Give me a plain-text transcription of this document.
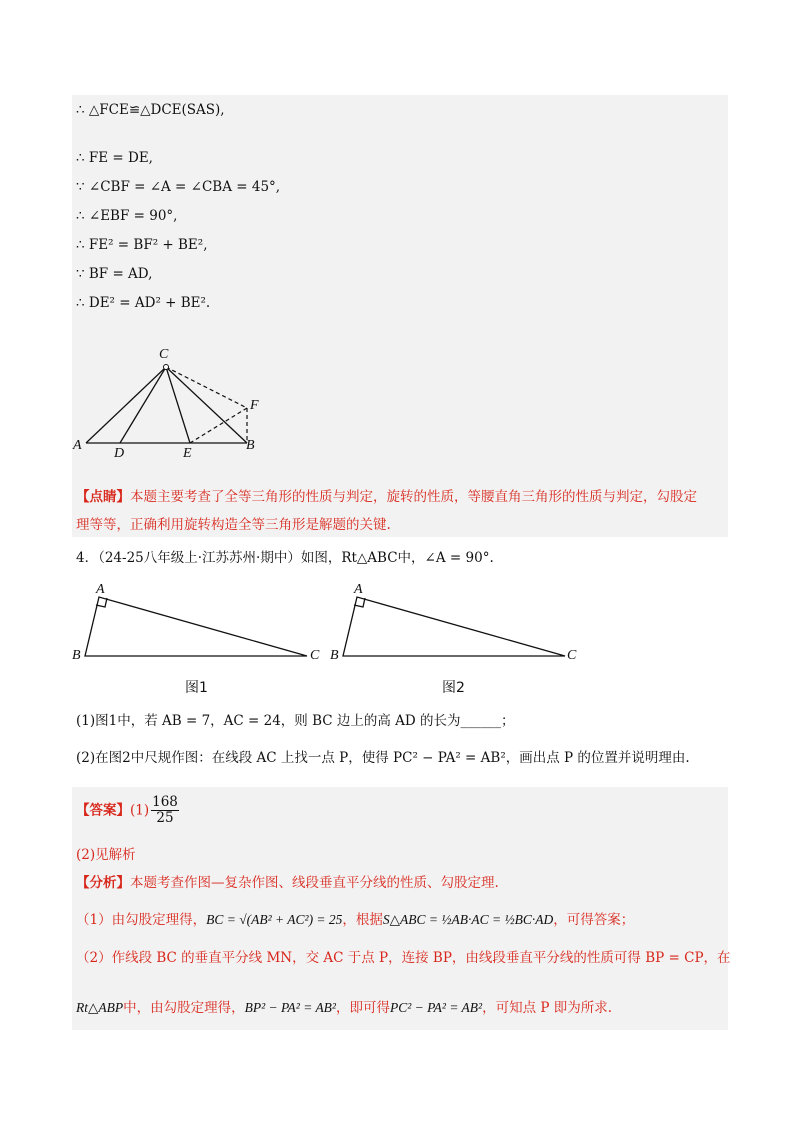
∴ △FCE≌△DCE(SAS),
∴ FE = DE,
∵ ∠CBF = ∠A = ∠CBA = 45°,
∴ ∠EBF = 90°,
∴ FE² = BF² + BE²,
∵ BF = AD,
∴ DE² = AD² + BE².
C
F
A
D	E
B
【点睛】本题主要考查了全等三角形的性质与判定，旋转的性质，等腰直角三角形的性质与判定，勾股定
理等等，正确利用旋转构造全等三角形是解题的关键.
4．（24-25八年级上·江苏苏州·期中）如图，Rt△ABC中，∠A = 90°.
A
B	C
A
B	C
图1	图2
(1)图1中，若 AB = 7，AC = 24，则 BC 边上的高 AD 的长为______；
(2)在图2中尺规作图：在线段 AC 上找一点 P，使得 PC² − PA² = AB²，画出点 P 的位置并说明理由.
【答案】$(1) \frac{168}{25}$
(2)见解析
【分析】本题考查作图—复杂作图、线段垂直平分线的性质、勾股定理.
（1）由勾股定理得，BC = √(AB² + AC²) = 25，根据S△ABC = ½AB·AC = ½BC·AD，可得答案；
（2）作线段 BC 的垂直平分线 MN，交 AC 于点 P，连接 BP，由线段垂直平分线的性质可得 BP = CP，在
Rt△ABP中，由勾股定理得，BP² − PA² = AB²，即可得PC² − PA² = AB²，可知点 P 即为所求.
